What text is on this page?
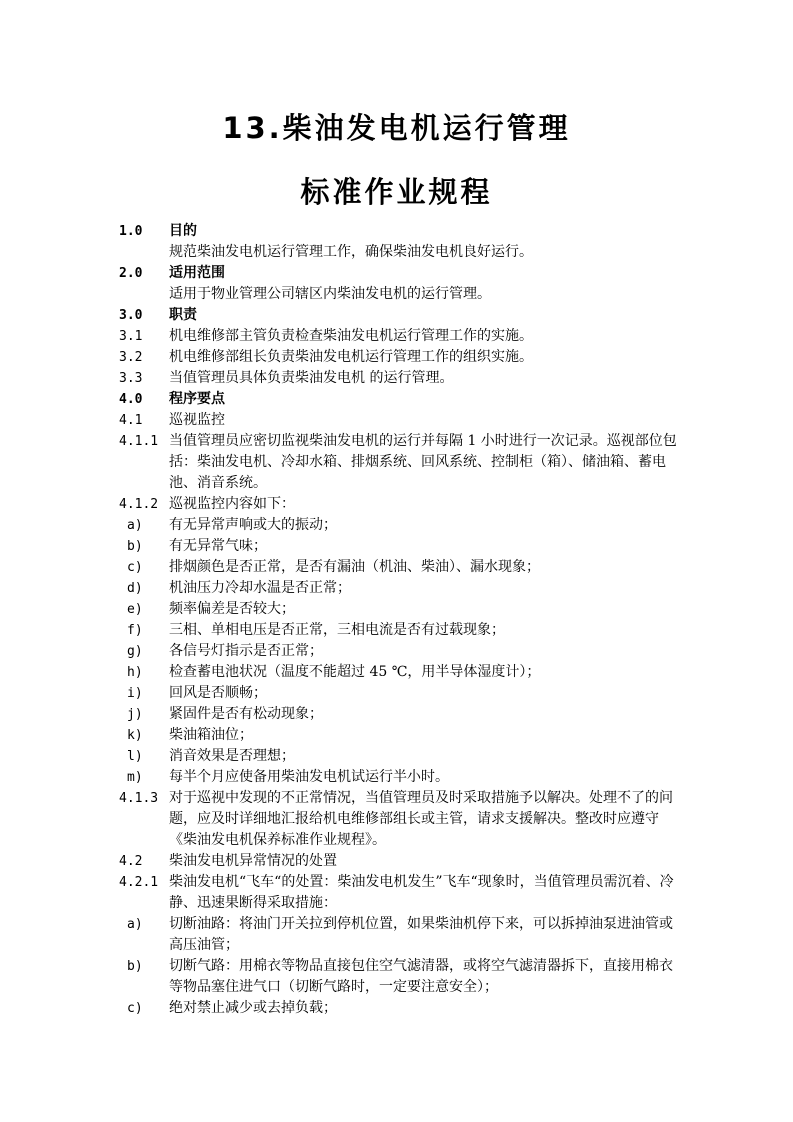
13.柴油发电机运行管理
标准作业规程
1.0	目的
规范柴油发电机运行管理工作，确保柴油发电机良好运行。
2.0	适用范围
适用于物业管理公司辖区内柴油发电机的运行管理。
3.0	职责
3.1	机电维修部主管负责检查柴油发电机运行管理工作的实施。
3.2	机电维修部组长负责柴油发电机运行管理工作的组织实施。
3.3	当值管理员具体负责柴油发电机 的运行管理。
4.0	程序要点
4.1	巡视监控
4.1.1 当值管理员应密切监视柴油发电机的运行并每隔 1 小时进行一次记录。巡视部位包括：柴油发电机、冷却水箱、排烟系统、回风系统、控制柜（箱）、储油箱、蓄电池、消音系统。
4.1.2 巡视监控内容如下：
a)	有无异常声响或大的振动；
b)	有无异常气味；
c)	排烟颜色是否正常，是否有漏油（机油、柴油）、漏水现象；
d)	机油压力冷却水温是否正常；
e)	频率偏差是否较大；
f)	三相、单相电压是否正常，三相电流是否有过载现象；
g)	各信号灯指示是否正常；
h)	检查蓄电池状况（温度不能超过 45 ℃，用半导体湿度计）；
i)	回风是否顺畅；
j)	紧固件是否有松动现象；
k)	柴油箱油位；
l)	消音效果是否理想；
m)	每半个月应使备用柴油发电机试运行半小时。
4.1.3 对于巡视中发现的不正常情况，当值管理员及时采取措施予以解决。处理不了的问题，应及时详细地汇报给机电维修部组长或主管，请求支援解决。整改时应遵守《柴油发电机保养标准作业规程》。
4.2	柴油发电机异常情况的处置
4.2.1 柴油发电机“飞车“的处置：柴油发电机发生”飞车“现象时，当值管理员需沉着、冷静、迅速果断得采取措施：
a)	切断油路：将油门开关拉到停机位置，如果柴油机停下来，可以拆掉油泵进油管或高压油管；
b)	切断气路：用棉衣等物品直接包住空气滤清器，或将空气滤清器拆下，直接用棉衣等物品塞住进气口（切断气路时，一定要注意安全）；
c)	绝对禁止减少或去掉负载；
